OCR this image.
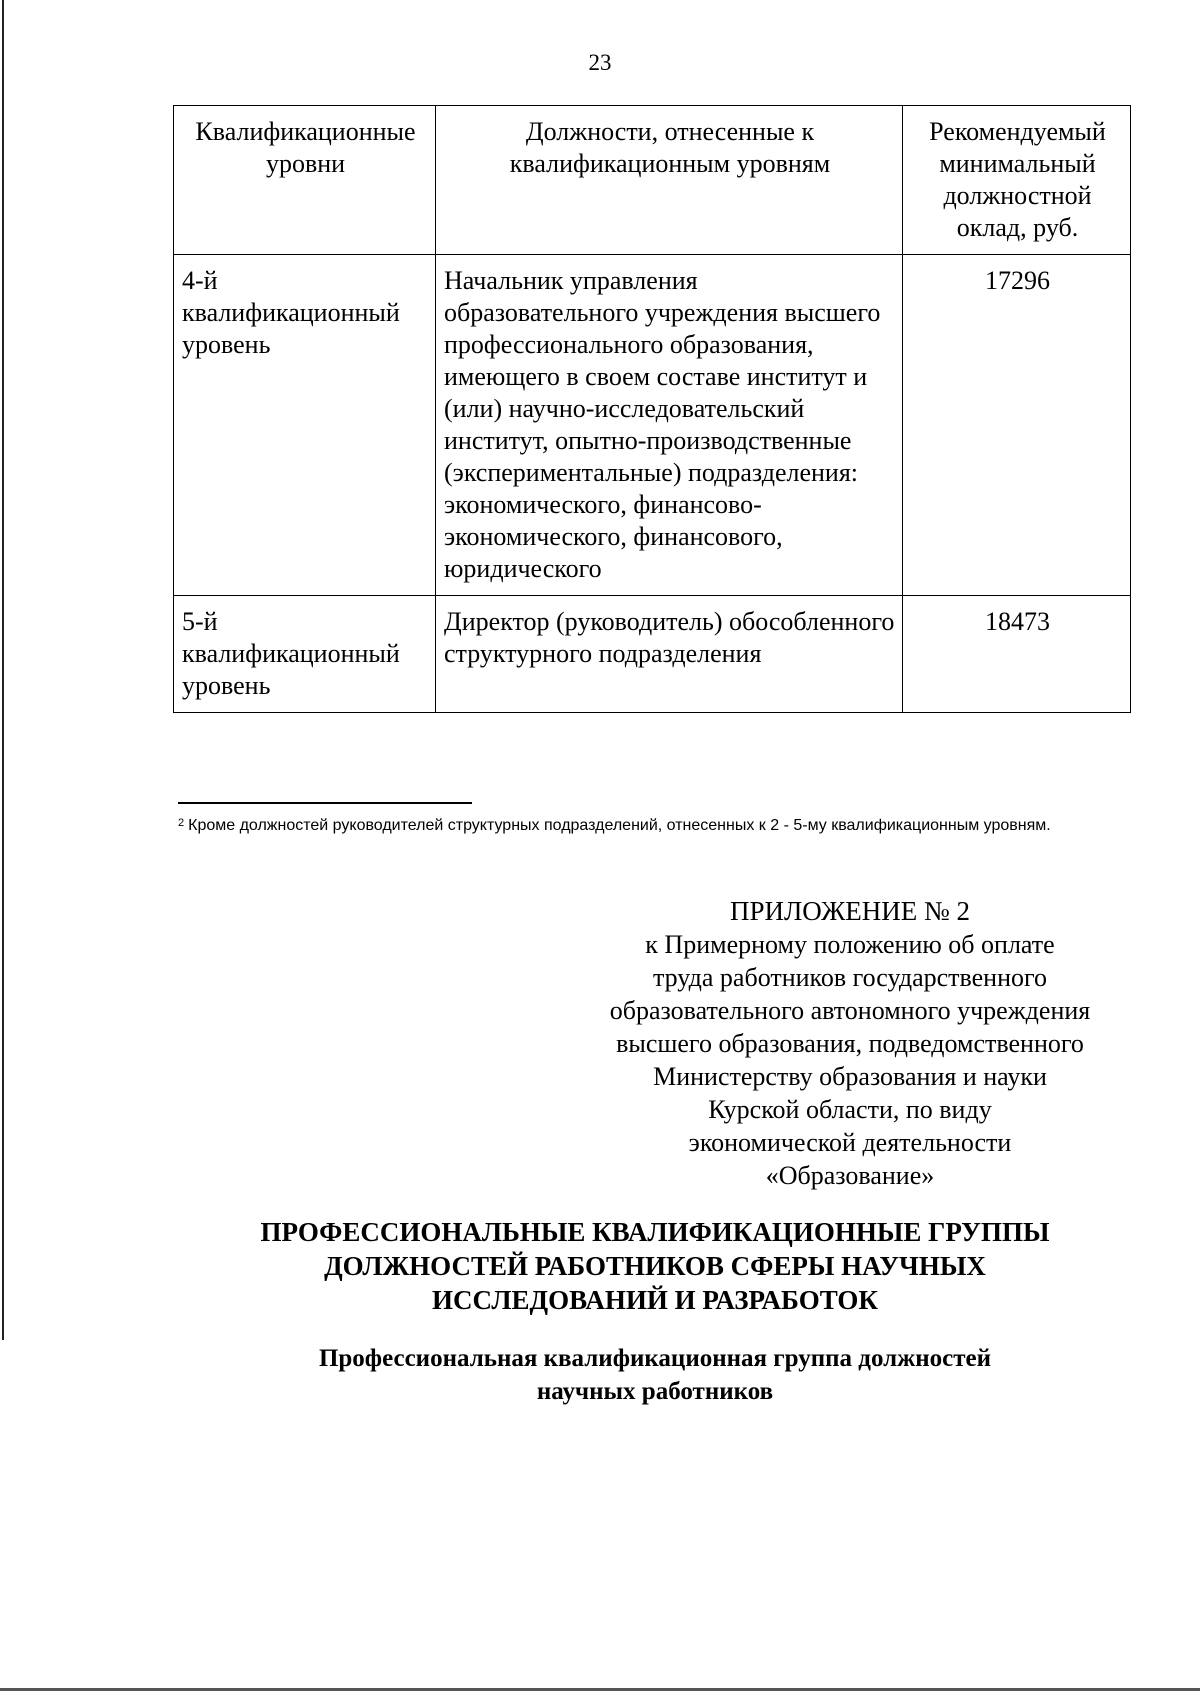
23
Квалификационные уровни	Должности, отнесенные к квалификационным уровням	Рекомендуемый минимальный должностной оклад, руб.
4-й квалификационный уровень	Начальник управления образовательного учреждения высшего профессионального образования, имеющего в своем составе институт и (или) научно-исследовательский институт, опытно-производственные (экспериментальные) подразделения: экономического, финансово-экономического, финансового, юридического	17296
5-й квалификационный уровень	Директор (руководитель) обособленного структурного подразделения	18473
$^2$ Кроме должностей руководителей структурных подразделений, отнесенных к 2 - 5-му квалификационным уровням.
ПРИЛОЖЕНИЕ № 2
к Примерному положению об оплате
труда работников государственного
образовательного автономного учреждения
высшего образования, подведомственного
Министерству образования и науки
Курской области, по виду
экономической деятельности
«Образование»
ПРОФЕССИОНАЛЬНЫЕ КВАЛИФИКАЦИОННЫЕ ГРУППЫ
ДОЛЖНОСТЕЙ РАБОТНИКОВ СФЕРЫ НАУЧНЫХ
ИССЛЕДОВАНИЙ И РАЗРАБОТОК
Профессиональная квалификационная группа должностей
научных работников
